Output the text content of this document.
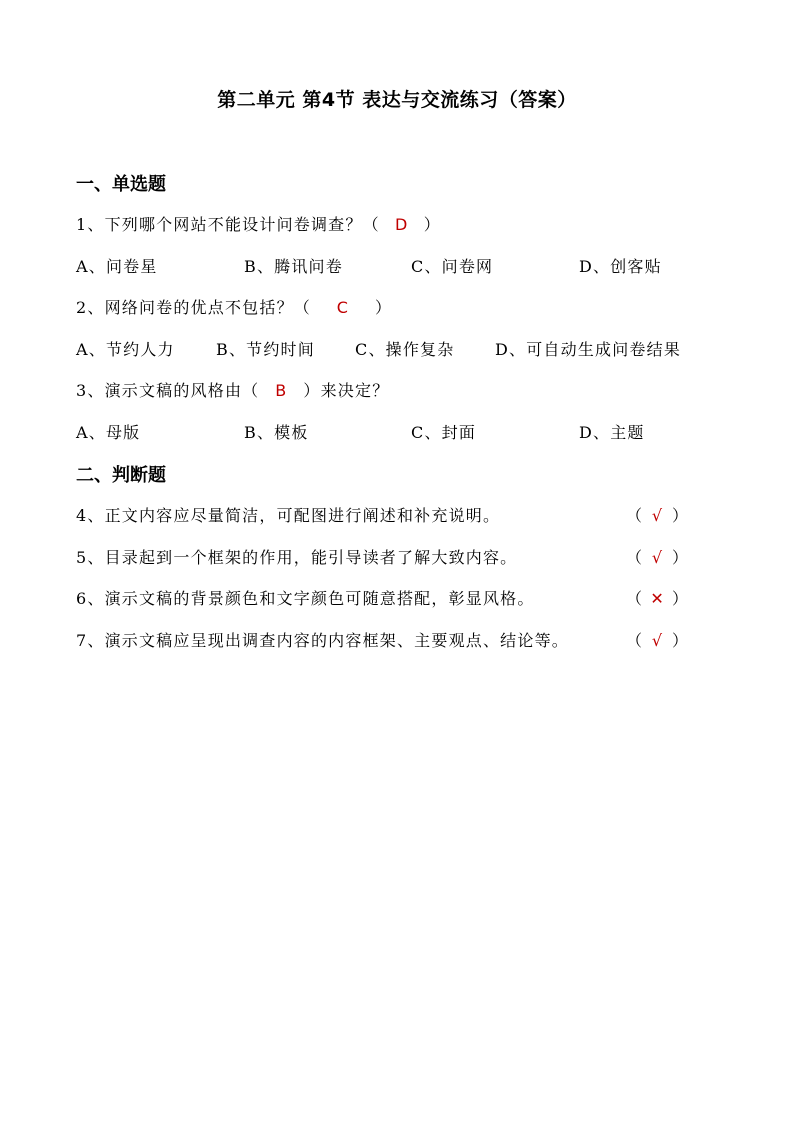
第二单元 第4节 表达与交流练习（答案）
一、单选题
1、下列哪个网站不能设计问卷调查？（ D ）
A、问卷星	B、腾讯问卷	C、问卷网	D、创客贴
2、网络问卷的优点不包括？（ C ）
A、节约人力	B、节约时间	C、操作复杂	D、可自动生成问卷结果
3、演示文稿的风格由（ B ）来决定？
A、母版	B、模板	C、封面	D、主题
二、判断题
4、正文内容应尽量简洁，可配图进行阐述和补充说明。	（ √ ）
5、目录起到一个框架的作用，能引导读者了解大致内容。	（ √ ）
6、演示文稿的背景颜色和文字颜色可随意搭配，彰显风格。	（ ✕ ）
7、演示文稿应呈现出调查内容的内容框架、主要观点、结论等。	（ √ ）
